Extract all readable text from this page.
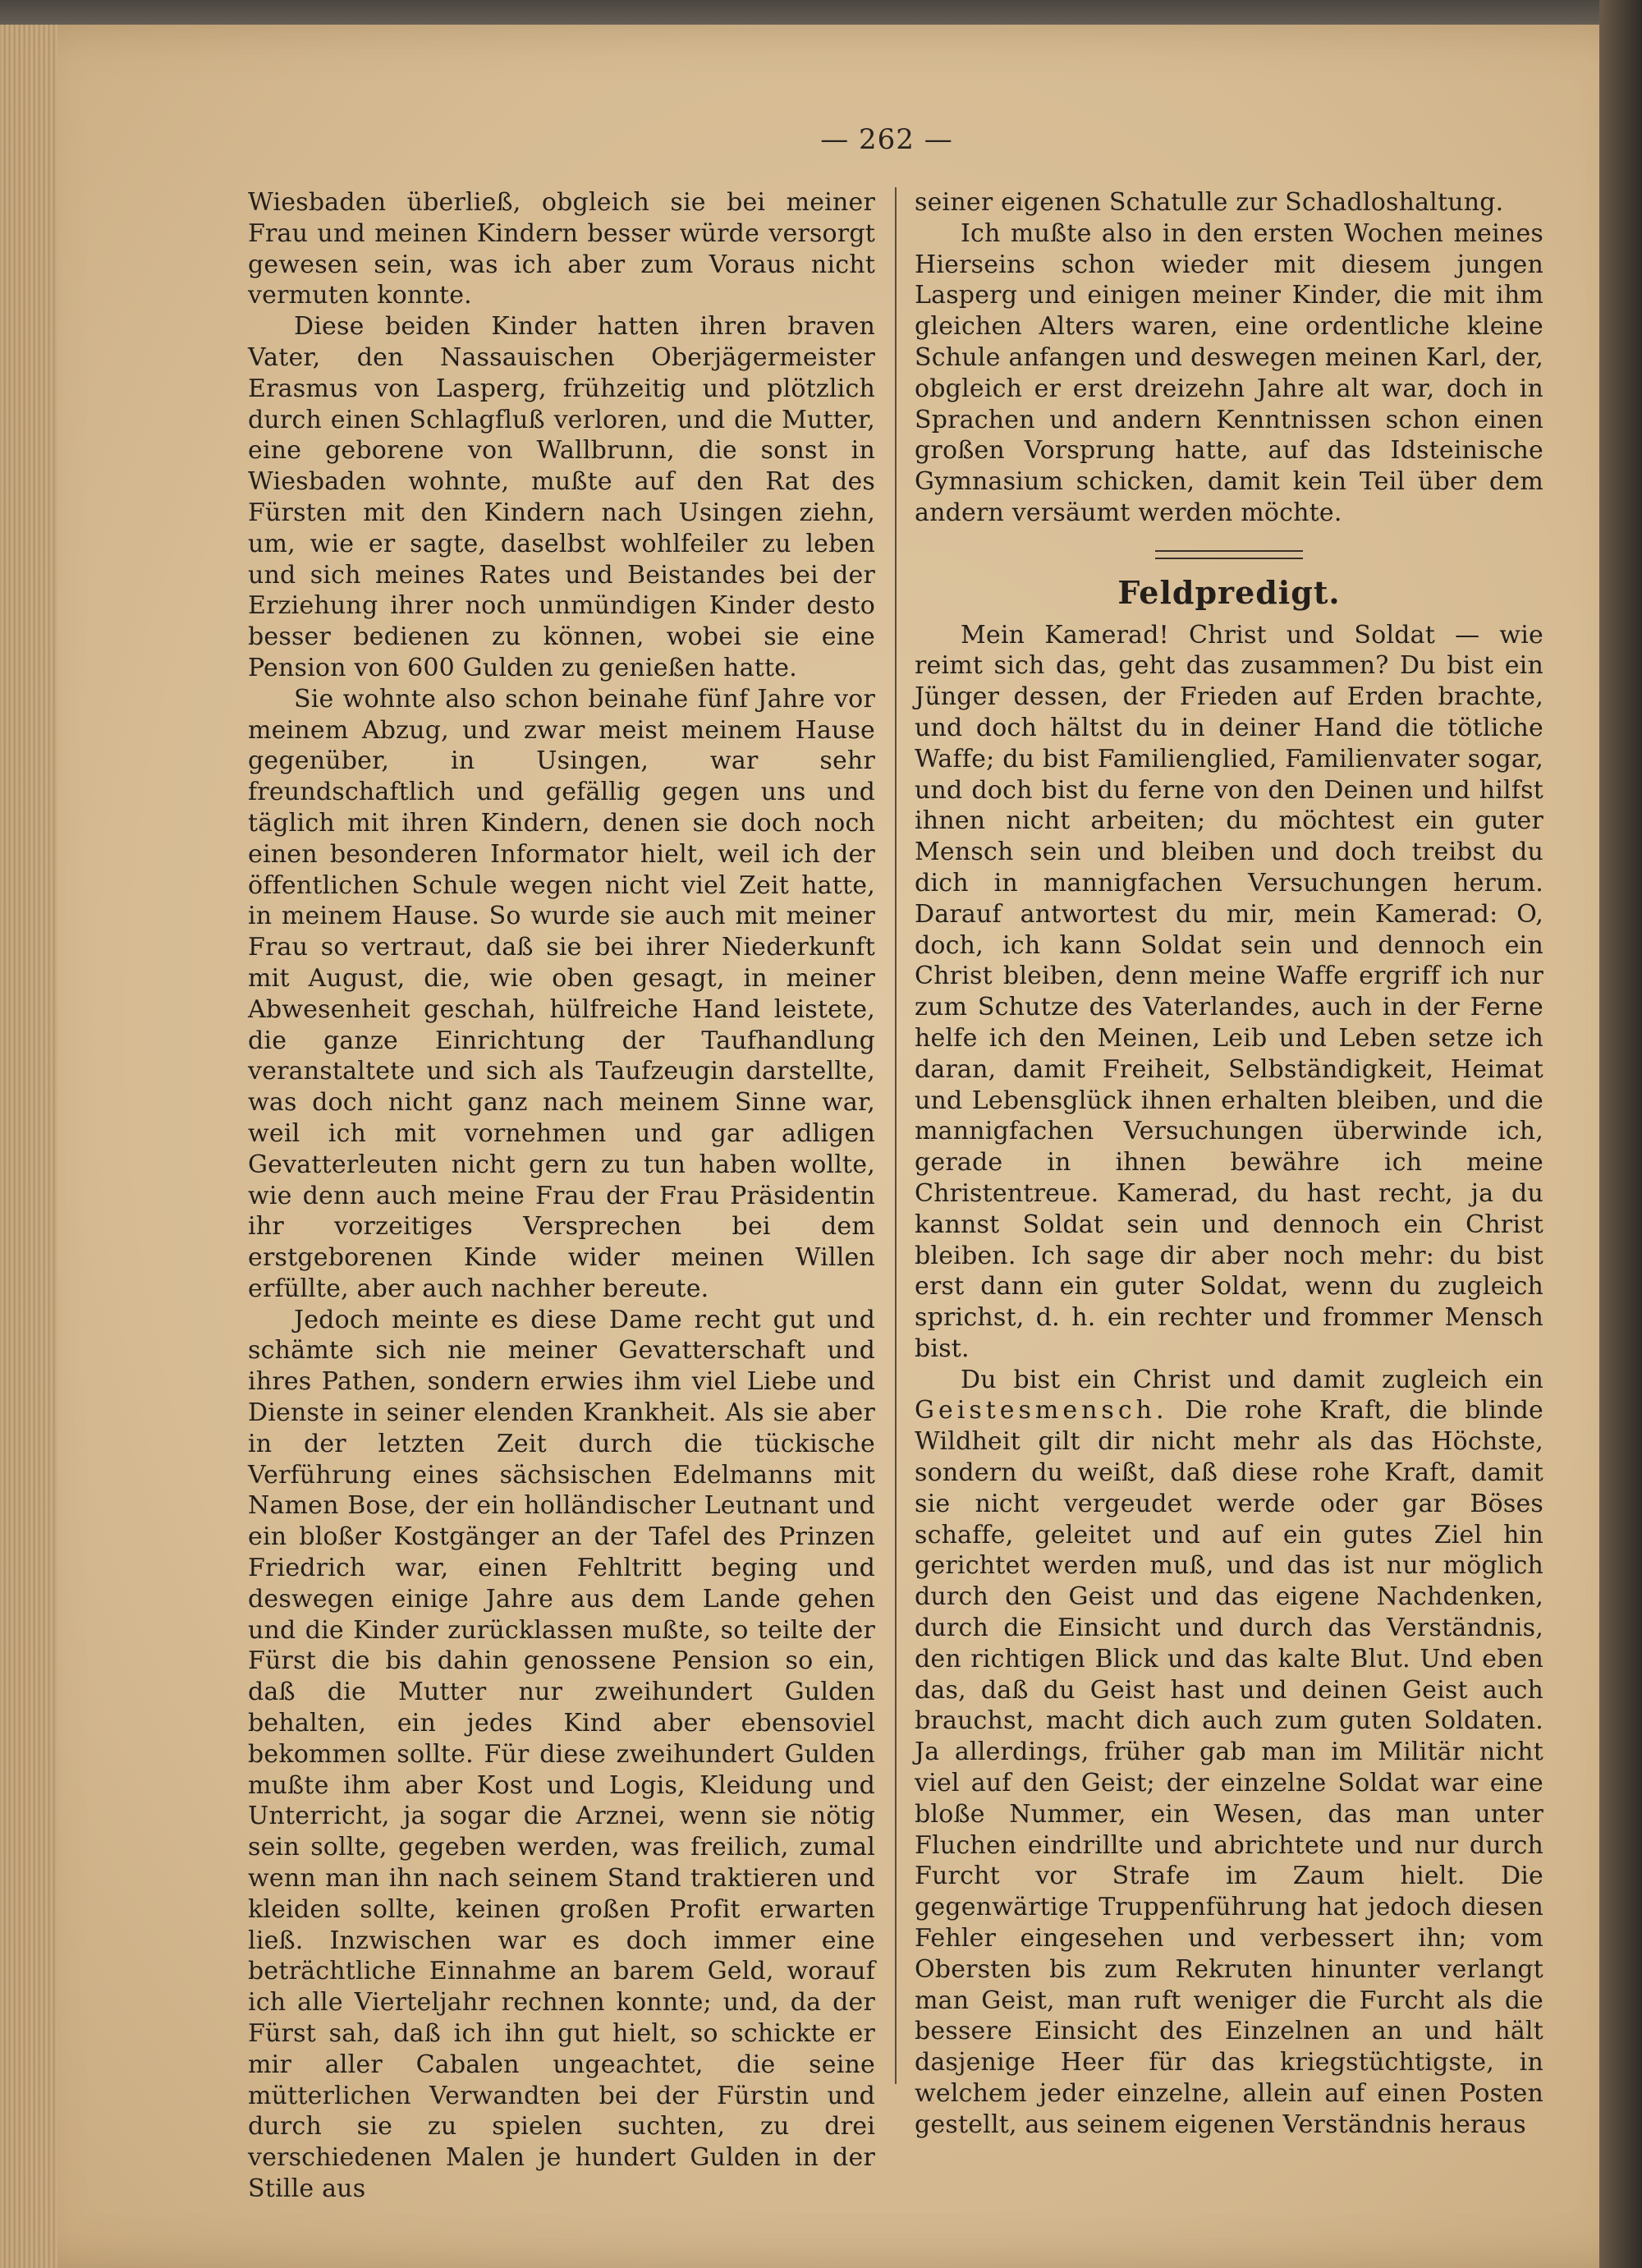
— 262 —

Wiesbaden überließ, obgleich sie bei meiner Frau und meinen Kindern besser würde versorgt gewesen sein, was ich aber zum Voraus nicht vermuten konnte.

Diese beiden Kinder hatten ihren braven Vater, den Nassauischen Oberjägermeister Erasmus von Lasperg, frühzeitig und plötzlich durch einen Schlagfluß verloren, und die Mutter, eine geborene von Wallbrunn, die sonst in Wiesbaden wohnte, mußte auf den Rat des Fürsten mit den Kindern nach Usingen ziehn, um, wie er sagte, daselbst wohlfeiler zu leben und sich meines Rates und Beistandes bei der Erziehung ihrer noch unmündigen Kinder desto besser bedienen zu können, wobei sie eine Pension von 600 Gulden zu genießen hatte.

Sie wohnte also schon beinahe fünf Jahre vor meinem Abzug, und zwar meist meinem Hause gegenüber, in Usingen, war sehr freundschaftlich und gefällig gegen uns und täglich mit ihren Kindern, denen sie doch noch einen besonderen Informator hielt, weil ich der öffentlichen Schule wegen nicht viel Zeit hatte, in meinem Hause. So wurde sie auch mit meiner Frau so vertraut, daß sie bei ihrer Niederkunft mit August, die, wie oben gesagt, in meiner Abwesenheit geschah, hülfreiche Hand leistete, die ganze Einrichtung der Taufhandlung veranstaltete und sich als Taufzeugin darstellte, was doch nicht ganz nach meinem Sinne war, weil ich mit vornehmen und gar adligen Gevatterleuten nicht gern zu tun haben wollte, wie denn auch meine Frau der Frau Präsidentin ihr vorzeitiges Versprechen bei dem erstgeborenen Kinde wider meinen Willen erfüllte, aber auch nachher bereute.

Jedoch meinte es diese Dame recht gut und schämte sich nie meiner Gevatterschaft und ihres Pathen, sondern erwies ihm viel Liebe und Dienste in seiner elenden Krankheit. Als sie aber in der letzten Zeit durch die tückische Verführung eines sächsischen Edelmanns mit Namen Bose, der ein holländischer Leutnant und ein bloßer Kostgänger an der Tafel des Prinzen Friedrich war, einen Fehltritt beging und deswegen einige Jahre aus dem Lande gehen und die Kinder zurücklassen mußte, so teilte der Fürst die bis dahin genossene Pension so ein, daß die Mutter nur zweihundert Gulden behalten, ein jedes Kind aber ebensoviel bekommen sollte. Für diese zweihundert Gulden mußte ihm aber Kost und Logis, Kleidung und Unterricht, ja sogar die Arznei, wenn sie nötig sein sollte, gegeben werden, was freilich, zumal wenn man ihn nach seinem Stand traktieren und kleiden sollte, keinen großen Profit erwarten ließ. Inzwischen war es doch immer eine beträchtliche Einnahme an barem Geld, worauf ich alle Vierteljahr rechnen konnte; und, da der Fürst sah, daß ich ihn gut hielt, so schickte er mir aller Cabalen ungeachtet, die seine mütterlichen Verwandten bei der Fürstin und durch sie zu spielen suchten, zu drei verschiedenen Malen je hundert Gulden in der Stille aus

seiner eigenen Schatulle zur Schadloshaltung.

Ich mußte also in den ersten Wochen meines Hierseins schon wieder mit diesem jungen Lasperg und einigen meiner Kinder, die mit ihm gleichen Alters waren, eine ordentliche kleine Schule anfangen und deswegen meinen Karl, der, obgleich er erst dreizehn Jahre alt war, doch in Sprachen und andern Kenntnissen schon einen großen Vorsprung hatte, auf das Idsteinische Gymnasium schicken, damit kein Teil über dem andern versäumt werden möchte.

Feldpredigt.

Mein Kamerad! Christ und Soldat — wie reimt sich das, geht das zusammen? Du bist ein Jünger dessen, der Frieden auf Erden brachte, und doch hältst du in deiner Hand die tötliche Waffe; du bist Familienglied, Familienvater sogar, und doch bist du ferne von den Deinen und hilfst ihnen nicht arbeiten; du möchtest ein guter Mensch sein und bleiben und doch treibst du dich in mannigfachen Versuchungen herum. Darauf antwortest du mir, mein Kamerad: O, doch, ich kann Soldat sein und dennoch ein Christ bleiben, denn meine Waffe ergriff ich nur zum Schutze des Vaterlandes, auch in der Ferne helfe ich den Meinen, Leib und Leben setze ich daran, damit Freiheit, Selbständigkeit, Heimat und Lebensglück ihnen erhalten bleiben, und die mannigfachen Versuchungen überwinde ich, gerade in ihnen bewähre ich meine Christentreue. Kamerad, du hast recht, ja du kannst Soldat sein und dennoch ein Christ bleiben. Ich sage dir aber noch mehr: du bist erst dann ein guter Soldat, wenn du zugleich sprichst, d. h. ein rechter und frommer Mensch bist.

Du bist ein Christ und damit zugleich ein Geistesmensch. Die rohe Kraft, die blinde Wildheit gilt dir nicht mehr als das Höchste, sondern du weißt, daß diese rohe Kraft, damit sie nicht vergeudet werde oder gar Böses schaffe, geleitet und auf ein gutes Ziel hin gerichtet werden muß, und das ist nur möglich durch den Geist und das eigene Nachdenken, durch die Einsicht und durch das Verständnis, den richtigen Blick und das kalte Blut. Und eben das, daß du Geist hast und deinen Geist auch brauchst, macht dich auch zum guten Soldaten. Ja allerdings, früher gab man im Militär nicht viel auf den Geist; der einzelne Soldat war eine bloße Nummer, ein Wesen, das man unter Fluchen eindrillte und abrichtete und nur durch Furcht vor Strafe im Zaum hielt. Die gegenwärtige Truppenführung hat jedoch diesen Fehler eingesehen und verbessert ihn; vom Obersten bis zum Rekruten hinunter verlangt man Geist, man ruft weniger die Furcht als die bessere Einsicht des Einzelnen an und hält dasjenige Heer für das kriegstüchtigste, in welchem jeder einzelne, allein auf einen Posten gestellt, aus seinem eigenen Verständnis heraus
